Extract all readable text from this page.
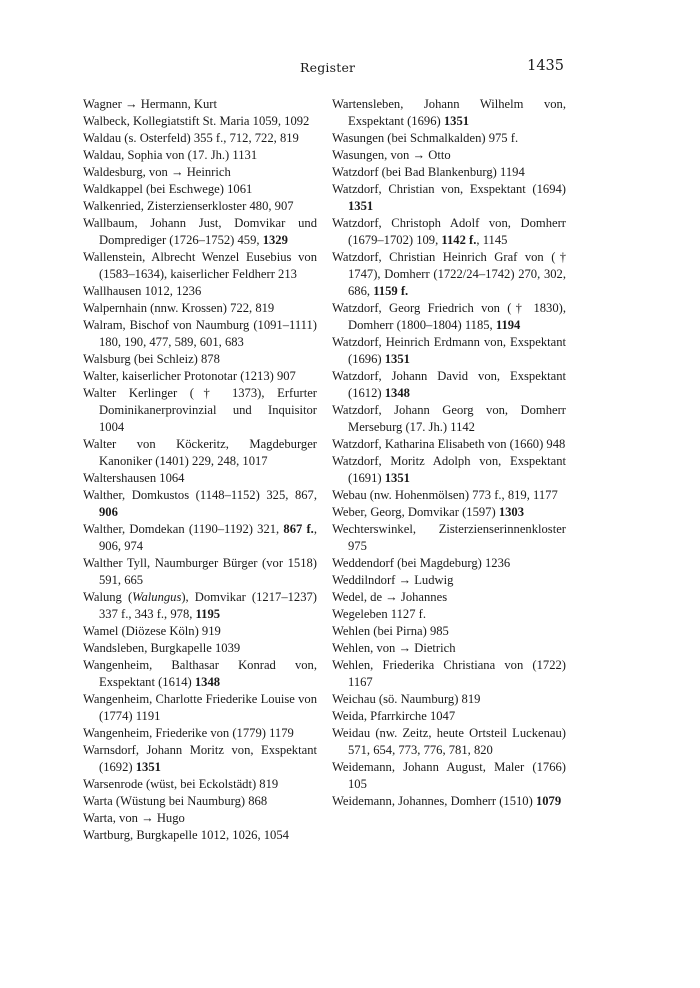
Register	1435

Wagner → Hermann, Kurt

Walbeck, Kollegiatstift St. Maria 1059, 1092

Waldau (s. Osterfeld) 355 f., 712, 722, 819

Waldau, Sophia von (17. Jh.) 1131

Waldesburg, von → Heinrich

Waldkappel (bei Eschwege) 1061

Walkenried, Zisterzienserkloster 480, 907

Wallbaum, Johann Just, Domvikar und Domprediger (1726–1752) 459, 1329

Wallenstein, Albrecht Wenzel Eusebius von (1583–1634), kaiserlicher Feldherr 213

Wallhausen 1012, 1236

Walpernhain (nnw. Krossen) 722, 819

Walram, Bischof von Naumburg (1091–1111) 180, 190, 477, 589, 601, 683

Walsburg (bei Schleiz) 878

Walter, kaiserlicher Protonotar (1213) 907

Walter Kerlinger († 1373), Erfurter Dominikanerprovinzial und Inquisitor 1004

Walter von Köckeritz, Magdeburger Kanoniker (1401) 229, 248, 1017

Waltershausen 1064

Walther, Domkustos (1148–1152) 325, 867, 906

Walther, Domdekan (1190–1192) 321, 867 f., 906, 974

Walther Tyll, Naumburger Bürger (vor 1518) 591, 665

Walung (Walungus), Domvikar (1217–1237) 337 f., 343 f., 978, 1195

Wamel (Diözese Köln) 919

Wandsleben, Burgkapelle 1039

Wangenheim, Balthasar Konrad von, Exspektant (1614) 1348

Wangenheim, Charlotte Friederike Louise von (1774) 1191

Wangenheim, Friederike von (1779) 1179

Warnsdorf, Johann Moritz von, Exspektant (1692) 1351

Warsenrode (wüst, bei Eckolstädt) 819

Warta (Wüstung bei Naumburg) 868

Warta, von → Hugo

Wartburg, Burgkapelle 1012, 1026, 1054

Wartensleben, Johann Wilhelm von, Exspektant (1696) 1351

Wasungen (bei Schmalkalden) 975 f.

Wasungen, von → Otto

Watzdorf (bei Bad Blankenburg) 1194

Watzdorf, Christian von, Exspektant (1694) 1351

Watzdorf, Christoph Adolf von, Domherr (1679–1702) 109, 1142 f., 1145

Watzdorf, Christian Heinrich Graf von († 1747), Domherr (1722/24–1742) 270, 302, 686, 1159 f.

Watzdorf, Georg Friedrich von († 1830), Domherr (1800–1804) 1185, 1194

Watzdorf, Heinrich Erdmann von, Exspektant (1696) 1351

Watzdorf, Johann David von, Exspektant (1612) 1348

Watzdorf, Johann Georg von, Domherr Merseburg (17. Jh.) 1142

Watzdorf, Katharina Elisabeth von (1660) 948

Watzdorf, Moritz Adolph von, Exspektant (1691) 1351

Webau (nw. Hohenmölsen) 773 f., 819, 1177

Weber, Georg, Domvikar (1597) 1303

Wechterswinkel, Zisterzienserinnenkloster 975

Weddendorf (bei Magdeburg) 1236

Weddilndorf → Ludwig

Wedel, de → Johannes

Wegeleben 1127 f.

Wehlen (bei Pirna) 985

Wehlen, von → Dietrich

Wehlen, Friederika Christiana von (1722) 1167

Weichau (sö. Naumburg) 819

Weida, Pfarrkirche 1047

Weidau (nw. Zeitz, heute Ortsteil Luckenau) 571, 654, 773, 776, 781, 820

Weidemann, Johann August, Maler (1766) 105

Weidemann, Johannes, Domherr (1510) 1079
